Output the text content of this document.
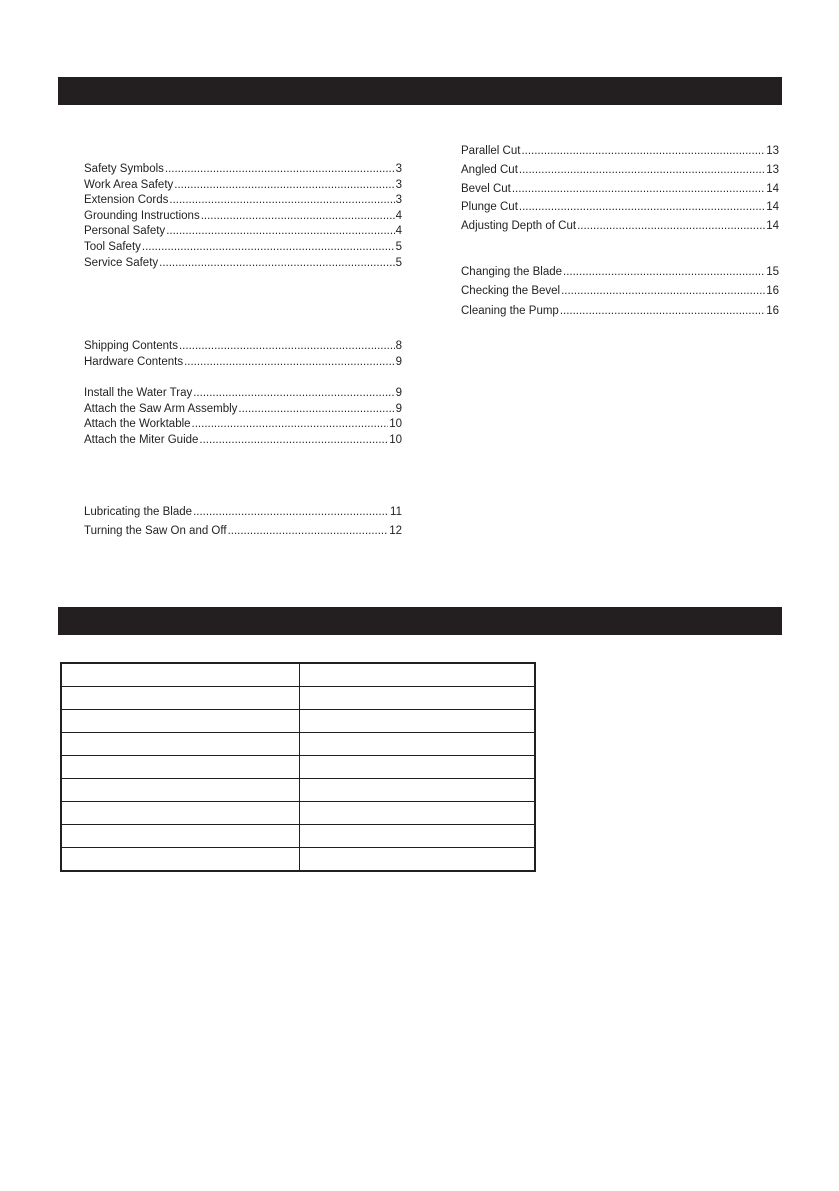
Safety Symbols .....	3
Work Area Safety .....	3
Extension Cords .....	3
Grounding Instructions .....	4
Personal Safety .....	4
Tool Safety .....	5
Service Safety .....	5
Shipping Contents .....	8
Hardware Contents .....	9
Install the Water Tray .....	9
Attach the Saw Arm Assembly .....	9
Attach the Worktable .....	10
Attach the Miter Guide .....	10
Lubricating the Blade .....	11
Turning the Saw On and Off .....	12
Parallel Cut .....	13
Angled Cut .....	13
Bevel Cut .....	14
Plunge Cut .....	14
Adjusting Depth of Cut .....	14
Changing the Blade .....	15
Checking the Bevel .....	16
Cleaning the Pump .....	16
